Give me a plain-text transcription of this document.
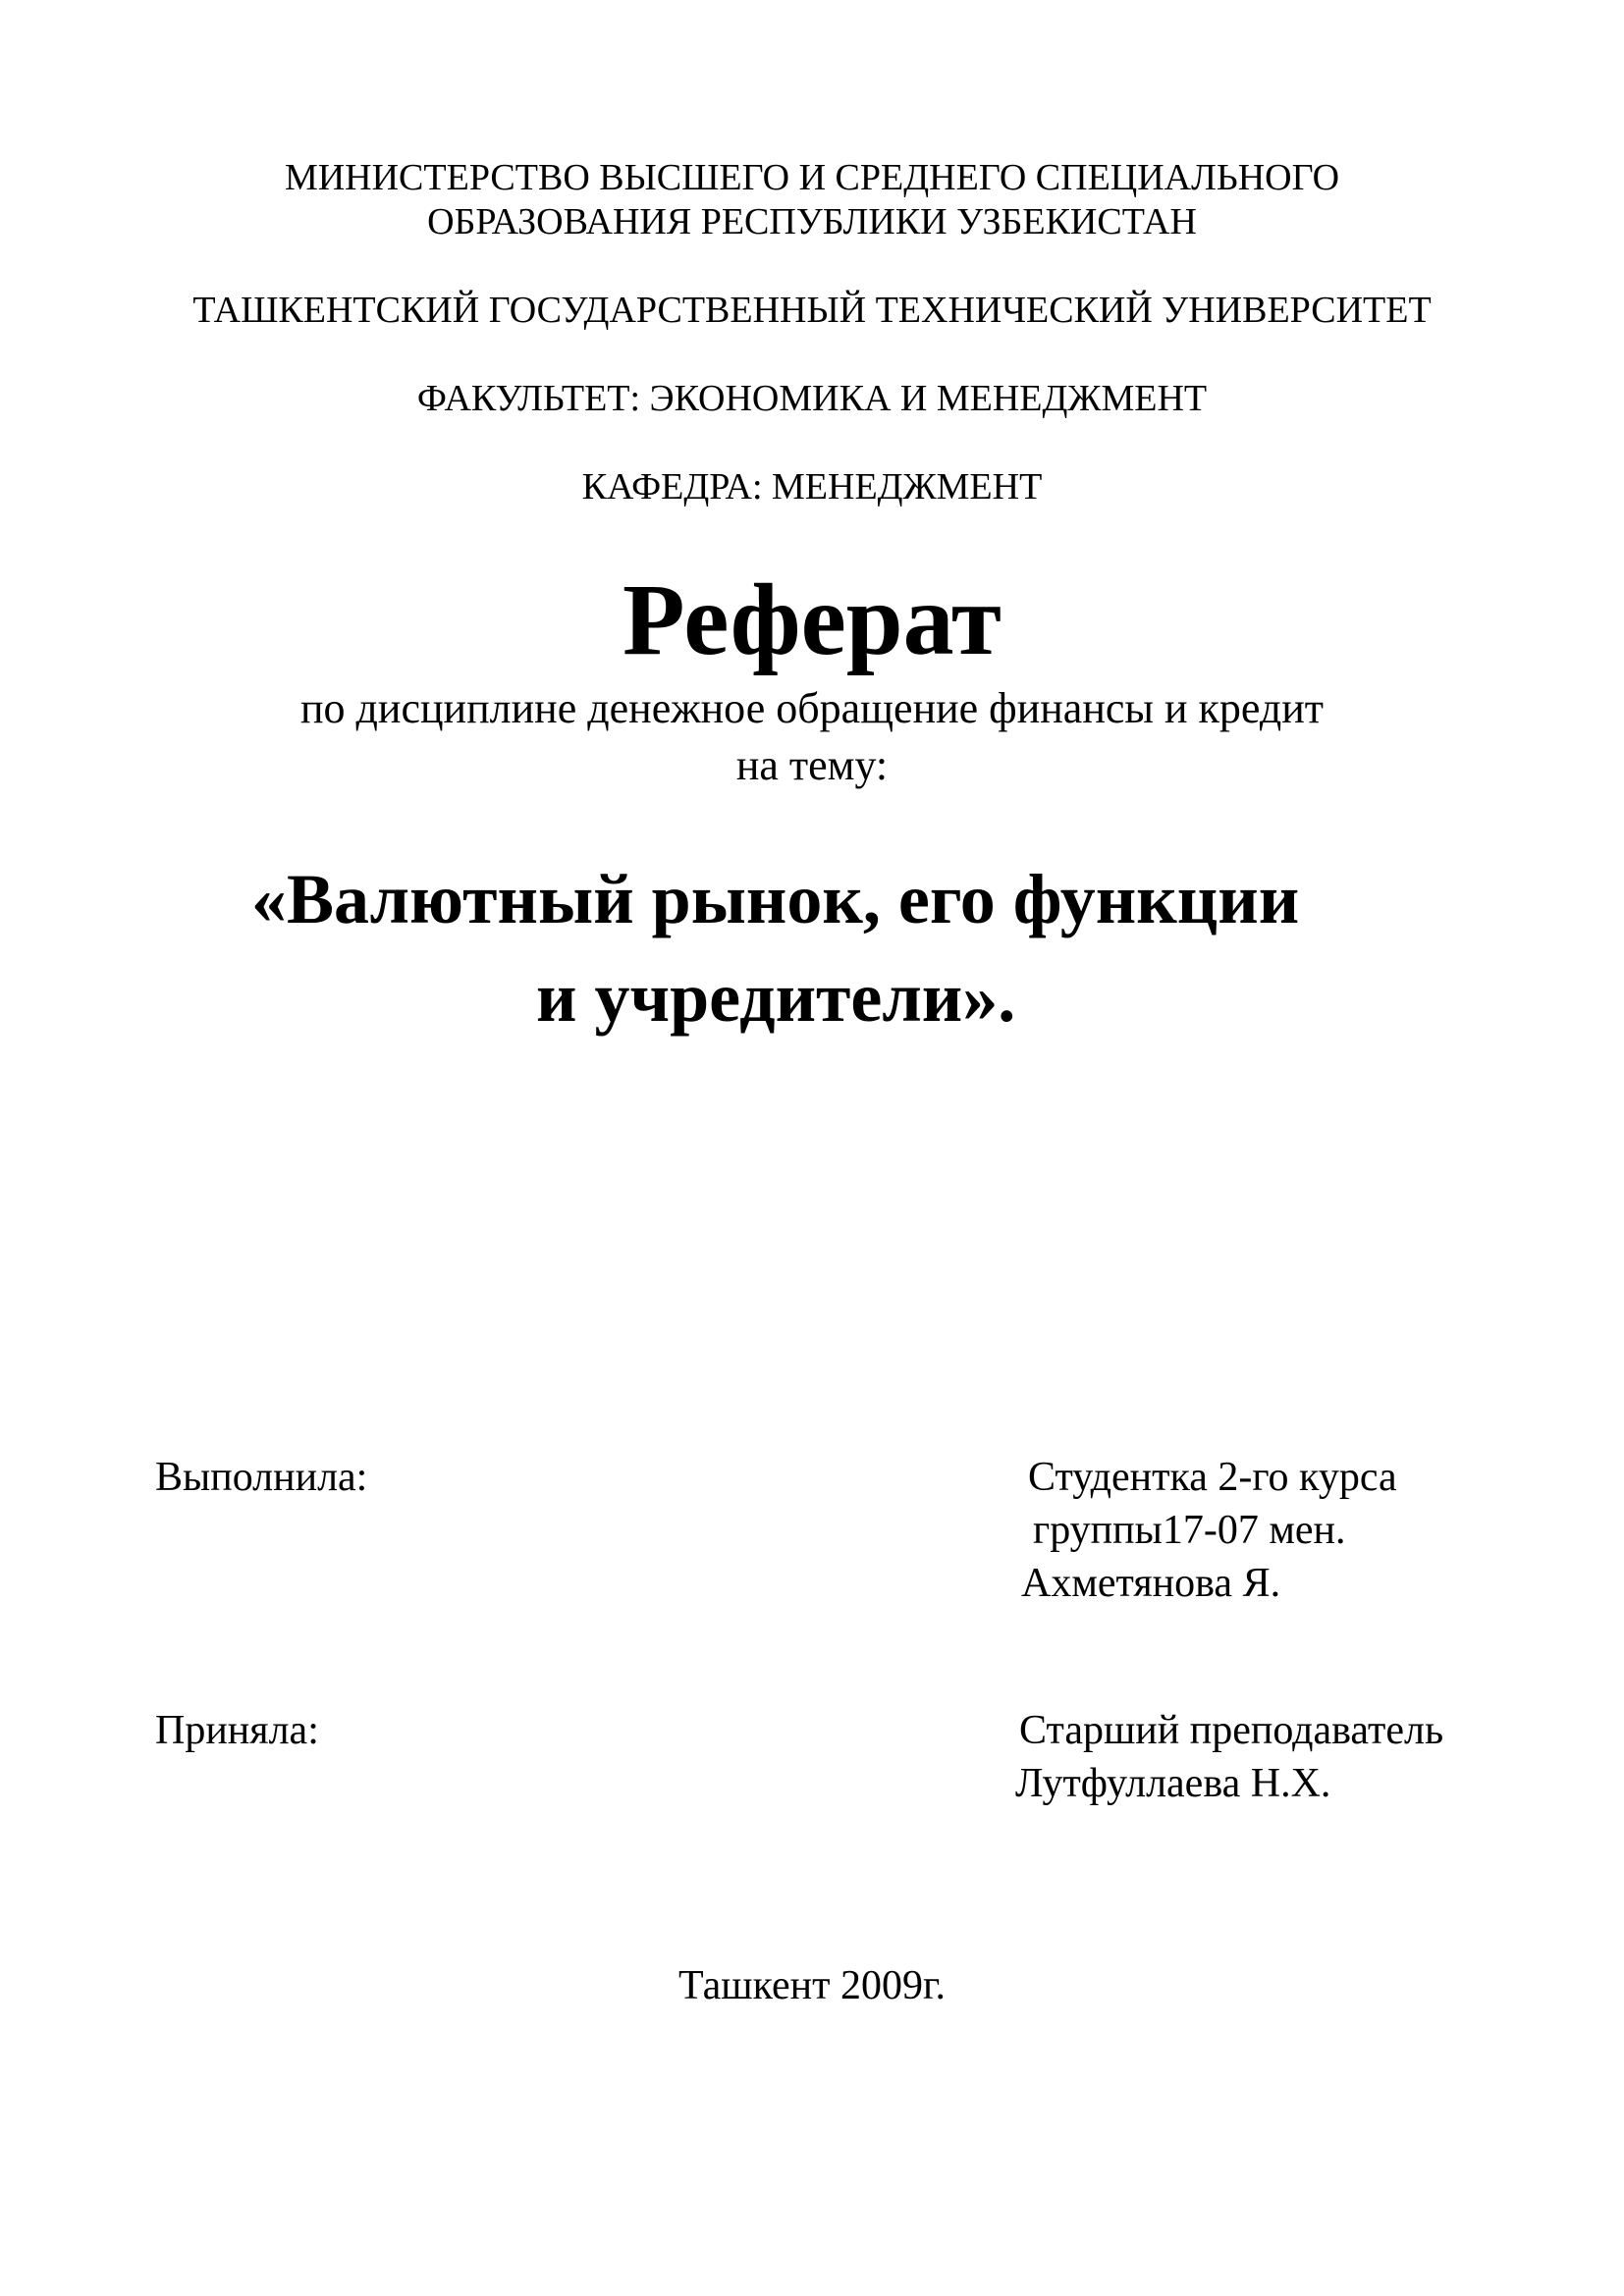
МИНИСТЕРСТВО ВЫСШЕГО И СРЕДНЕГО СПЕЦИАЛЬНОГО
ОБРАЗОВАНИЯ РЕСПУБЛИКИ УЗБЕКИСТАН
ТАШКЕНТСКИЙ ГОСУДАРСТВЕННЫЙ ТЕХНИЧЕСКИЙ УНИВЕРСИТЕТ
ФАКУЛЬТЕТ: ЭКОНОМИКА И МЕНЕДЖМЕНТ
КАФЕДРА: МЕНЕДЖМЕНТ
Реферат
по дисциплине денежное обращение финансы и кредит
на тему:
«Валютный рынок, его функции
и учредители».
Выполнила:	Студентка 2-го курса
группы17-07 мен.
Ахметянова Я.
Приняла:	Старший преподаватель
Лутфуллаева Н.Х.
Ташкент 2009г.
